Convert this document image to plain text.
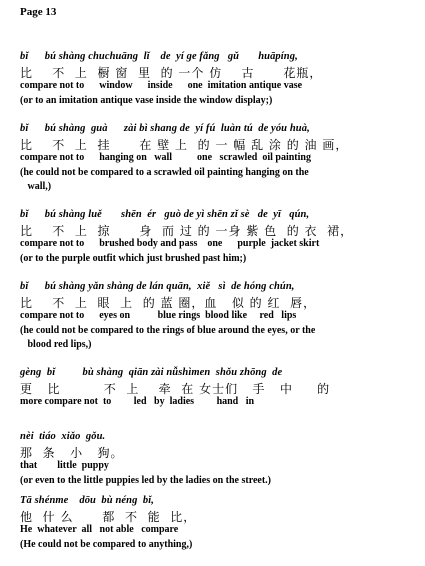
Page 13
bǐ      bú shàng chuchuāng  lǐ    de  yí ge fǎng   gǔ       huāpíng,
比    不  上  橱 窗  里  的 一个 仿    古      花瓶，
compare not to      window      inside      one  imitation antique vase
(or to an imitation antique vase inside the window display;)
bǐ      bú shàng  guà      zài bì shang de  yí fú  luàn tú  de yóu huà,
比    不  上  挂      在 壁 上  的 一 幅 乱 涂 的 油 画，
compare not to      hanging on   wall          one   scrawled  oil painting
(he could not be compared to a scrawled oil painting hanging on the
wall,)
bǐ      bú shàng luě       shēn  ér   guò de yì shēn zǐ sè   de  yī   qún,
比    不  上  掠      身  而 过 的 一身 紫 色  的 衣  裙，
compare not to      brushed body and pass    one      purple  jacket skirt
(or to the purple outfit which just brushed past him;)
bǐ      bú shàng yǎn shàng de lán quān,  xiě   sì  de hóng chún,
比    不  上  眼  上  的 蓝 圈，血   似 的 红  唇，
compare not to      eyes on           blue rings  blood like     red   lips
(he could not be compared to the rings of blue around the eyes, or the
blood red lips,)
gèng  bǐ          bù shàng  qiān zài nǚshìmen  shǒu zhōng  de
更   比         不  上    牵  在 女士们   手   中     的
more compare not  to         led   by  ladies         hand   in
nèi  tiáo  xiǎo  gǒu.
那  条   小   狗。
that        little  puppy
(or even to the little puppies led by the ladies on the street.)
Tā shénme    dōu  bù néng  bǐ,
他  什 么      都  不  能  比，
He  whatever  all   not able   compare
(He could not be compared to anything,)
